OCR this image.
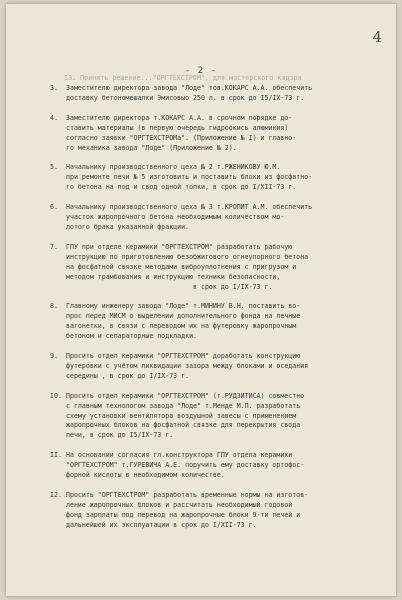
4
I3. Принять решение..."ОРГТЕХСТРОМ", для мастерского кадзра
- 2 -
3.	Заместителю директора завода "Лоде" тов.КОКАРС А.А. обеспечить
доставку бетономешалки Эмисовыо 250 л. в срок до I5/IX-73 г.
4.	Заместителю директора т.КОКАРС А.А. в срочном порядке до-
ставить материалы (в первую очередь гидроокись алюминия)
согласно заявки "ОРГТЕХСТРОМа". (Приложение № I) и главно-
го механика завода "Лоде" (Приложение № 2).
5.	Начальнику производственного цеха № 2 т.РЖЕНИКОВУ Ю.М.
при ремонте печи № 5 изготовить и поставить блоки из фосфатно-
го бетона на под и свод одной топки, в срок до I/XII-73 г.
6.	Начальнику производственного цеха № 3 т.КРОПИТ А.М. обеспечить
участок жаропрочного бетона необходимым количеством мо-
лотого брака указанной фракции.
7.	ГПУ при отделе керамики "ОРГТЕХСТРОМ" разработать рабочую
инструкцию по приготовлению безобжигового огнеупорного бетона
на фосфатной связке методами виброуплотнения с пригрузом и
методом трамбования и инструкцию техники безопасности,
в срок до I/IX-73 г.
8.	Главному инженеру завода "Лоде" т.МИНИНУ В.Н. поставить во-
прос перед МИСМ о выделении дополнительного фонда на печные
вагонетки, в связи с переводом их на футеровку жаропрочным
бетоном и сепараторные подкладки.
9.	Просить отдел керамики "ОРГТЕХСТРОМ" доработать конструкцию
футеровки с учётом ликвидации зазора между блоками и оседания
середины , в срок до I/IX-73 г.
I0. Просить отдел керамики "ОРГТЕХСТРОМ" (т.РУДЗИТИСА) совместно
с главным технологом завода "Лоде" т.Менде М.П. разработать
схему установки вентилятора воздушной завесы с применением
жаропрочных блоков на фосфатной связке для перекрытия свода
печи, в срок до I5/IX-73 г.
II. На основании согласия гл.конструктора ГПУ отдела керамики
"ОРГТЕХСТРОМ" т.ГУРЕВИЧА А.Е. поручить ему доставку ортофос-
форной кислоты в необходимом количестве.
I2. Просить "ОРГТЕХСТРОМ" разработать временные нормы на изготов-
ление жаропрочных блоков и рассчитать необходимый годовой
фонд зарплаты под перевод на жаропрочные блоки 9-ти печей и
дальнейшей их эксплуатации в срок до I/XII-73 г.
